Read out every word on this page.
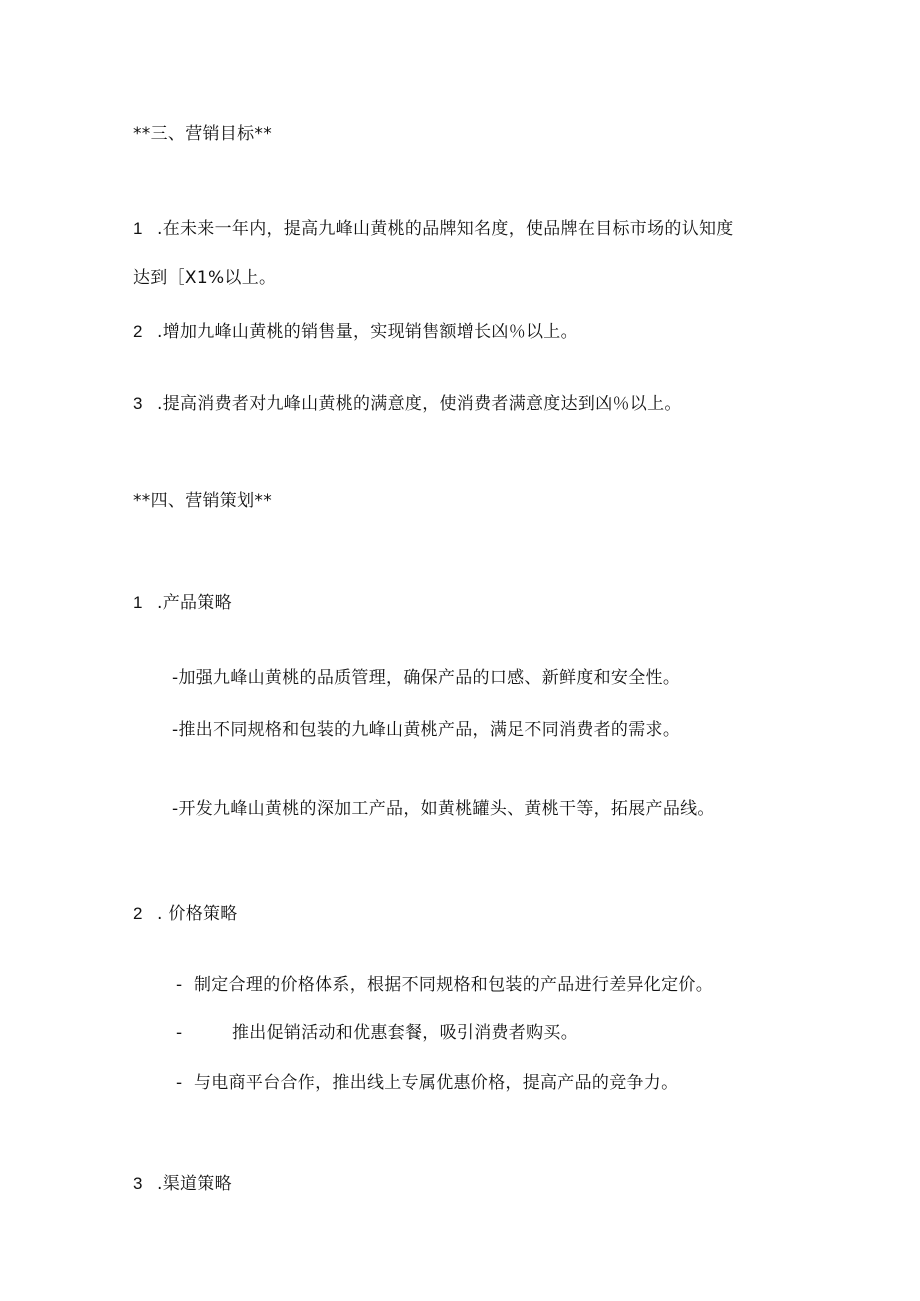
**三、营销目标**
1 .在未来一年内，提高九峰山黄桃的品牌知名度，使品牌在目标市场的认知度
达到［X1%以上。
2 .增加九峰山黄桃的销售量，实现销售额增长凶％以上。
3 .提高消费者对九峰山黄桃的满意度，使消费者满意度达到凶％以上。
**四、营销策划**
1 .产品策略
-加强九峰山黄桃的品质管理，确保产品的口感、新鲜度和安全性。
-推出不同规格和包装的九峰山黄桃产品，满足不同消费者的需求。
-开发九峰山黄桃的深加工产品，如黄桃罐头、黄桃干等，拓展产品线。
2 . 价格策略
- 制定合理的价格体系，根据不同规格和包装的产品进行差异化定价。
-	推出促销活动和优惠套餐，吸引消费者购买。
- 与电商平台合作，推出线上专属优惠价格，提高产品的竞争力。
3 .渠道策略
